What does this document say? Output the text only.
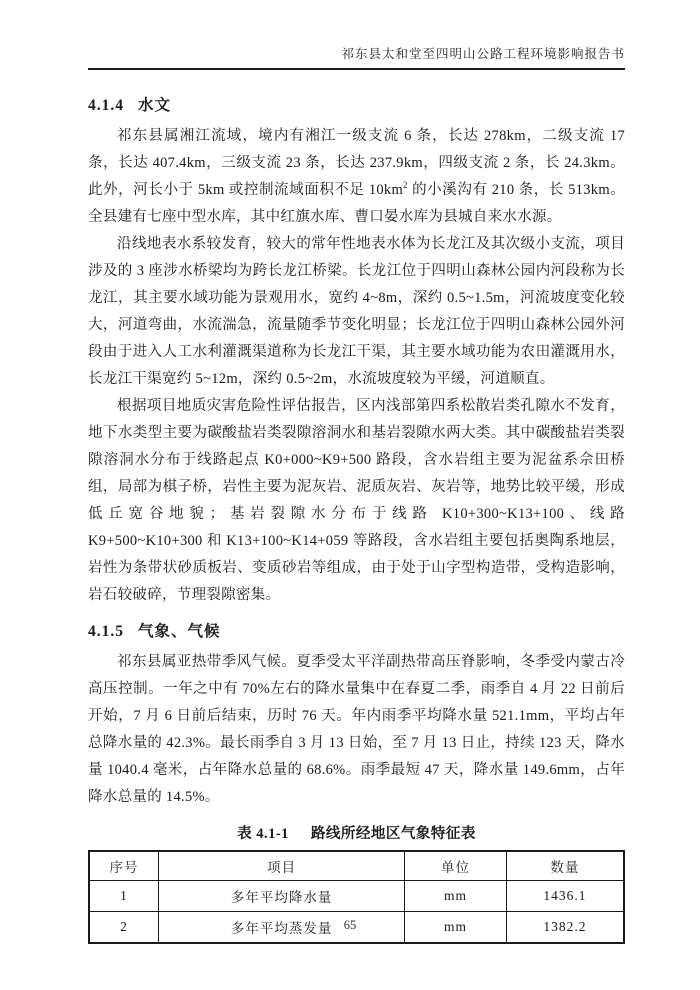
祁东县太和堂至四明山公路工程环境影响报告书
4.1.4 水文

祁东县属湘江流域，境内有湘江一级支流 6 条，长达 278km，二级支流 17 条，长达 407.4km，三级支流 23 条，长达 237.9km，四级支流 2 条，长 24.3km。此外，河长小于 5km 或控制流域面积不足 $10km^2$ 的小溪沟有 210 条，长 513km。全县建有七座中型水库，其中红旗水库、曹口晏水库为县城自来水水源。

沿线地表水系较发育，较大的常年性地表水体为长龙江及其次级小支流，项目涉及的 3 座涉水桥梁均为跨长龙江桥梁。长龙江位于四明山森林公园内河段称为长龙江，其主要水域功能为景观用水，宽约 4~8m，深约 0.5~1.5m，河流坡度变化较大，河道弯曲，水流湍急，流量随季节变化明显；长龙江位于四明山森林公园外河段由于进入人工水利灌溉渠道称为长龙江干渠，其主要水域功能为农田灌溉用水，长龙江干渠宽约 5~12m，深约 0.5~2m，水流坡度较为平缓，河道顺直。

根据项目地质灾害危险性评估报告，区内浅部第四系松散岩类孔隙水不发育，地下水类型主要为碳酸盐岩类裂隙溶洞水和基岩裂隙水两大类。其中碳酸盐岩类裂隙溶洞水分布于线路起点 K0+000~K9+500 路段，含水岩组主要为泥盆系佘田桥组，局部为棋子桥，岩性主要为泥灰岩、泥质灰岩、灰岩等，地势比较平缓，形成低丘宽谷地貌；基岩裂隙水分布于线路 K10+300~K13+100、线路 K9+500~K10+300 和 K13+100~K14+059 等路段，含水岩组主要包括奥陶系地层，岩性为条带状砂质板岩、变质砂岩等组成，由于处于山字型构造带，受构造影响，岩石较破碎，节理裂隙密集。

4.1.5 气象、气候

祁东县属亚热带季风气候。夏季受太平洋副热带高压脊影响，冬季受内蒙古冷高压控制。一年之中有 70%左右的降水量集中在春夏二季，雨季自 4 月 22 日前后开始，7 月 6 日前后结束，历时 76 天。年内雨季平均降水量 521.1mm，平均占年总降水量的 42.3%。最长雨季自 3 月 13 日始，至 7 月 13 日止，持续 123 天，降水量 1040.4 毫米，占年降水总量的 68.6%。雨季最短 47 天，降水量 149.6mm，占年降水总量的 14.5%。

表 4.1-1 路线所经地区气象特征表
序号	项目	单位	数量
1	多年平均降水量	mm	1436.1
2	多年平均蒸发量	mm	1382.2
65
